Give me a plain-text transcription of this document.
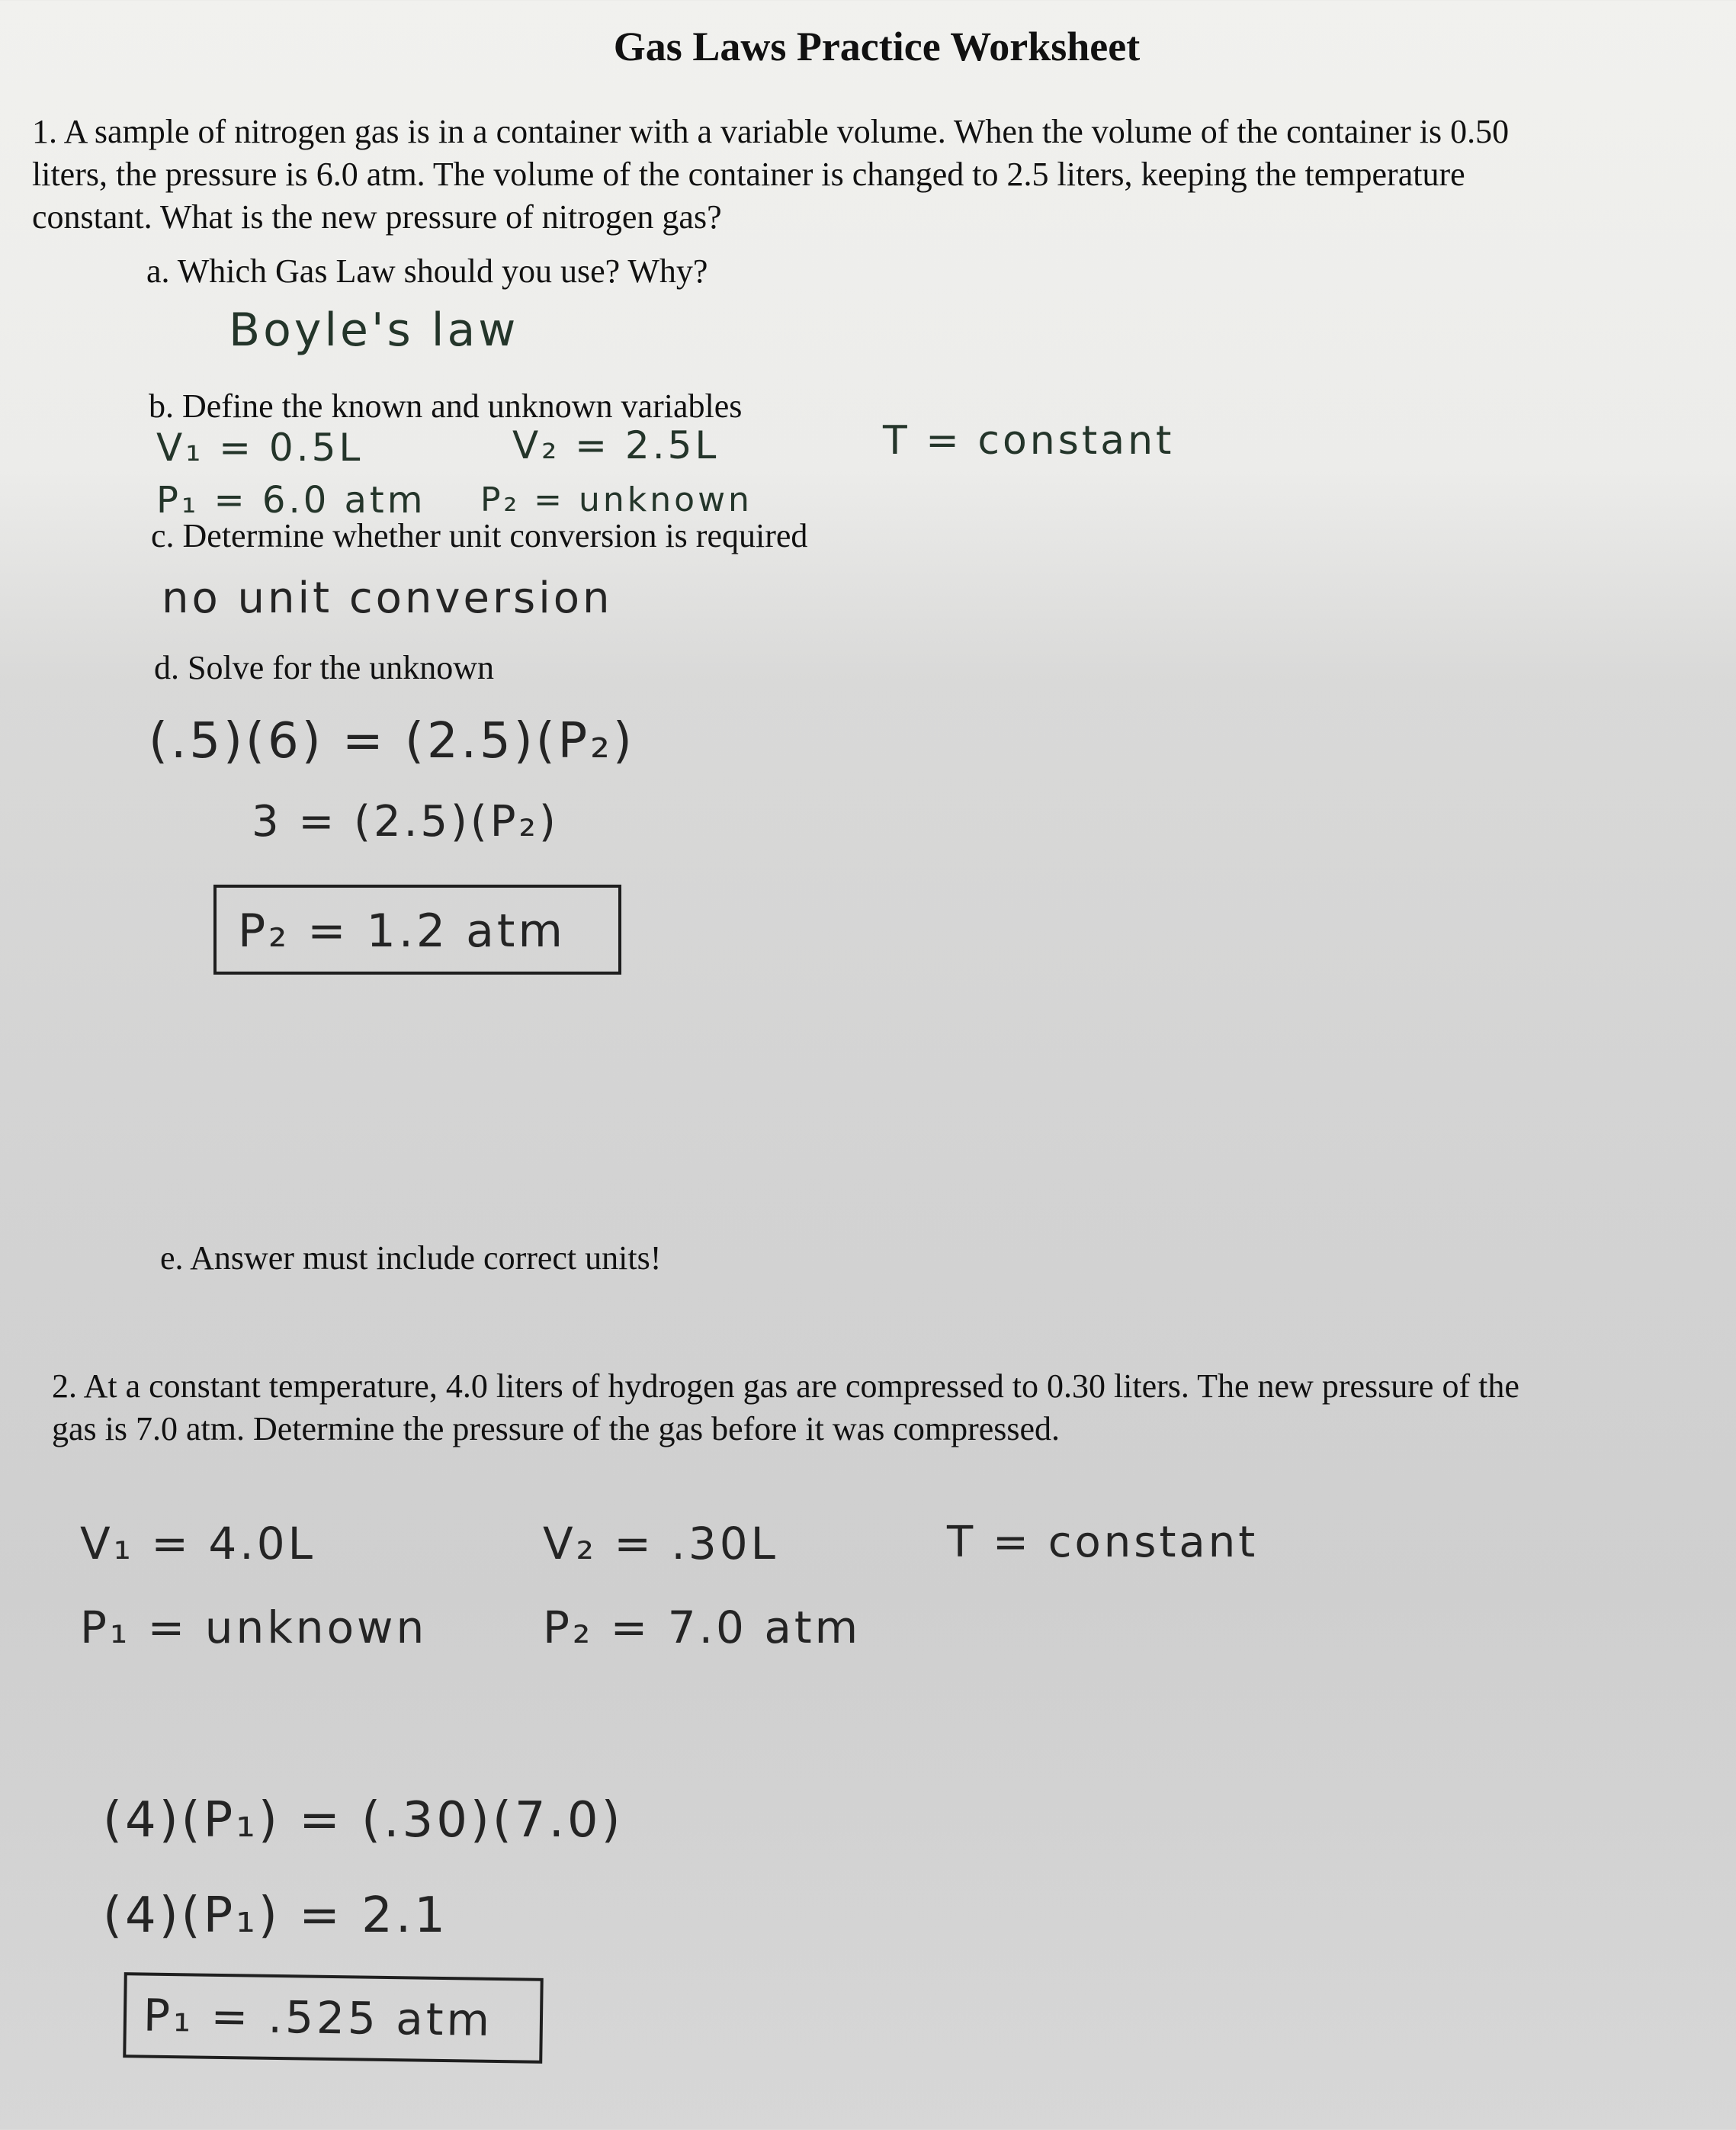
Gas Laws Practice Worksheet
1. A sample of nitrogen gas is in a container with a variable volume. When the volume of the container is 0.50
liters, the pressure is 6.0 atm. The volume of the container is changed to 2.5 liters, keeping the temperature
constant. What is the new pressure of nitrogen gas?
a. Which Gas Law should you use? Why?
Boyle's law
b. Define the known and unknown variables
V₁ = 0.5L	V₂ = 2.5L	T = constant
P₁ = 6.0 atm P₂ = unknown
c. Determine whether unit conversion is required
no unit conversion
d. Solve for the unknown
(.5)(6) = (2.5)(P₂)
3 = (2.5)(P₂)
P₂ = 1.2 atm
e. Answer must include correct units!
2. At a constant temperature, 4.0 liters of hydrogen gas are compressed to 0.30 liters. The new pressure of the
gas is 7.0 atm. Determine the pressure of the gas before it was compressed.
V₁ = 4.0L	V₂ = .30L	T = constant
P₁ = unknown	P₂ = 7.0 atm
(4)(P₁) = (.30)(7.0)
(4)(P₁) = 2.1
P₁ = .525 atm
